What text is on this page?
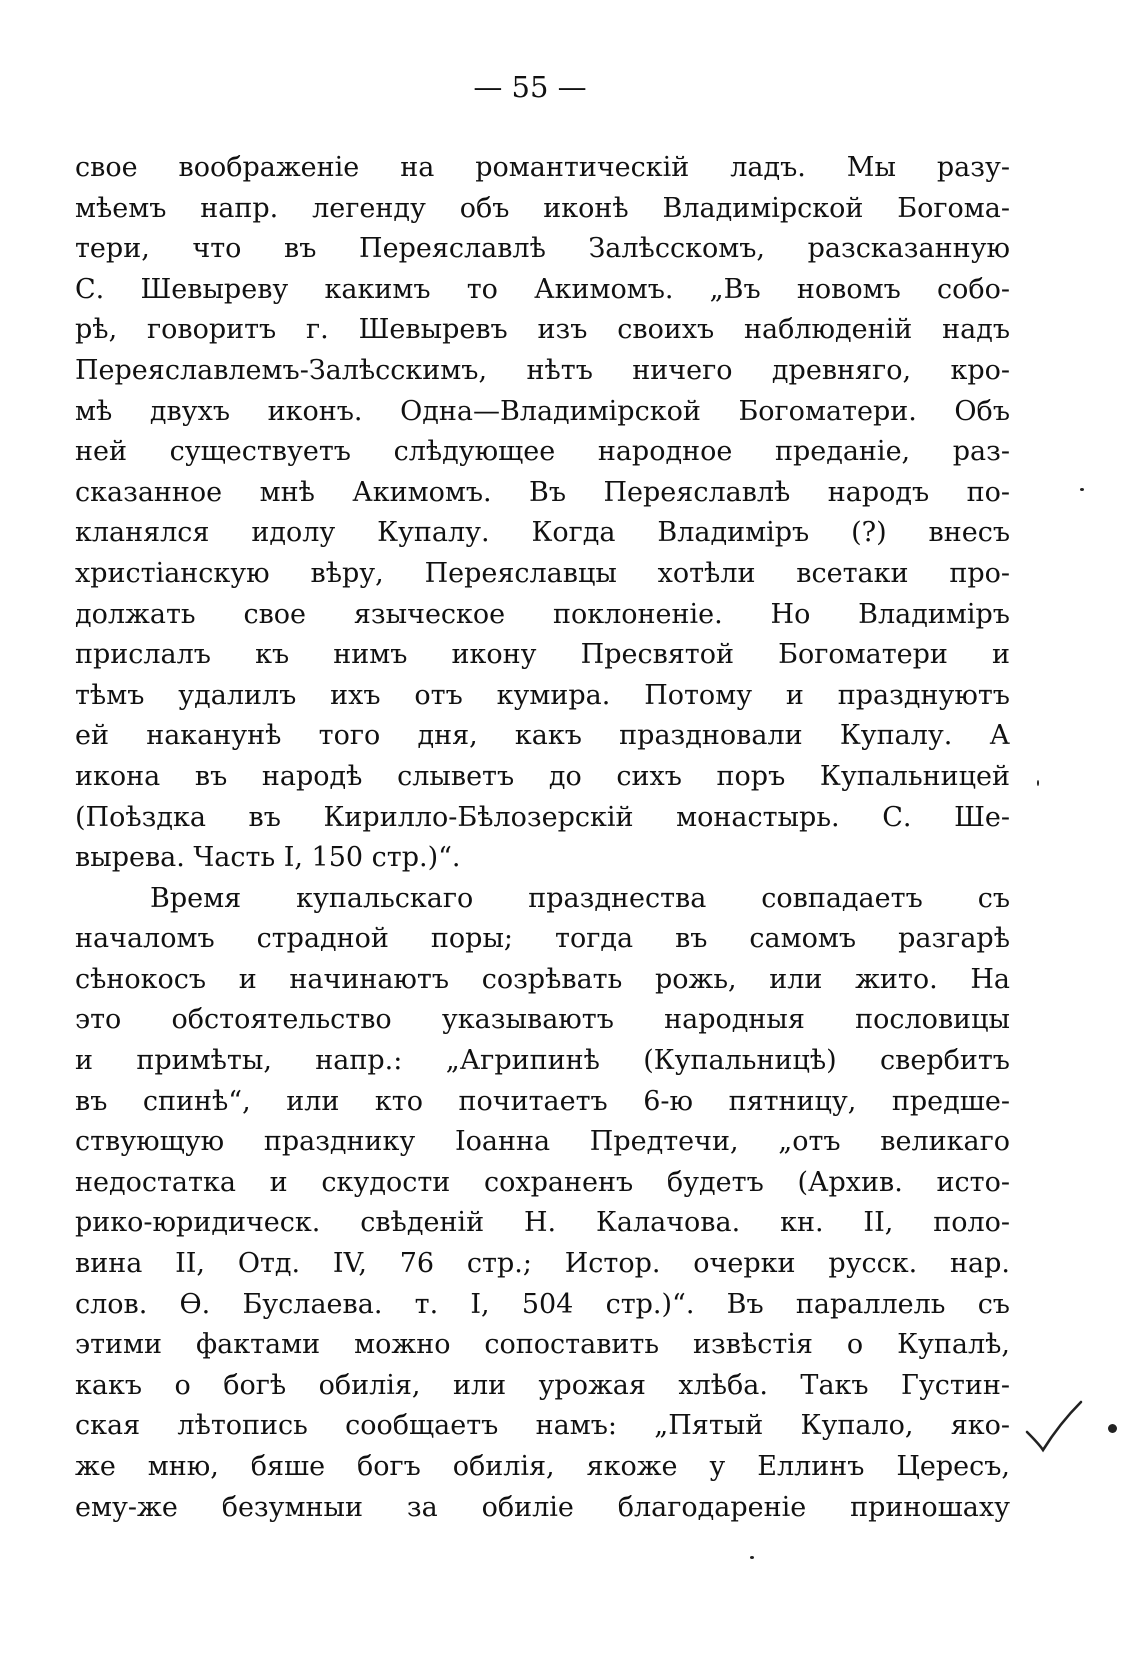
— 55 —
свое воображенie на романтическiй ладъ. Мы разу-
мѣемъ напр. легенду объ иконѣ Владимiрской Богома-
тери, что въ Переяславлѣ Залѣсскомъ, разсказанную
С. Шевыреву какимъ то Акимомъ. „Въ новомъ собо-
рѣ, говоритъ г. Шевыревъ изъ своихъ наблюденiй надъ
Переяславлемъ-Залѣсскимъ, нѣтъ ничего древняго, кро-
мѣ двухъ иконъ. Одна—Владимiрской Богоматери. Объ
ней существуетъ слѣдующее народное преданiе, раз-
сказанное мнѣ Акимомъ. Въ Переяславлѣ народъ по-
кланялся идолу Купалу. Когда Владимiръ (?) внесъ
христiанскую вѣру, Переяславцы хотѣли всетаки про-
должать свое языческое поклоненiе. Но Владимiръ
прислалъ къ нимъ икону Пресвятой Богоматери и
тѣмъ удалилъ ихъ отъ кумира. Потому и празднуютъ
ей наканунѣ того дня, какъ праздновали Купалу. А
икона въ народѣ слыветъ до сихъ поръ Купальницей
(Поѣздка въ Кирилло-Бѣлозерскiй монастырь. С. Ше-
вырева. Часть I, 150 стр.)“.
Время купальскаго празднества совпадаетъ съ
началомъ страдной поры; тогда въ самомъ разгарѣ
сѣнокосъ и начинаютъ созрѣвать рожь, или жито. На
это обстоятельство указываютъ народныя пословицы
и примѣты, напр.: „Агрипинѣ (Купальницѣ) свербитъ
въ спинѣ“, или кто почитаетъ 6-ю пятницу, предше-
ствующую празднику Iоанна Предтечи, „отъ великаго
недостатка и скудости сохраненъ будетъ (Архив. исто-
рико-юридическ. свѣденiй Н. Калачова. кн. II, поло-
вина II, Отд. IV, 76 стр.; Истор. очерки русск. нар.
слов. Ѳ. Буслаева. т. I, 504 стр.)“. Въ параллель съ
этими фактами можно сопоставить извѣстiя о Купалѣ,
какъ о богѣ обилiя, или урожая хлѣба. Такъ Густин-
ская лѣтопись сообщаетъ намъ: „Пятый Купало, яко-
же мню, бяше богъ обилiя, якоже у Еллинъ Цересъ,
ему-же безумныи за обилiе благодаренiе приношаху
